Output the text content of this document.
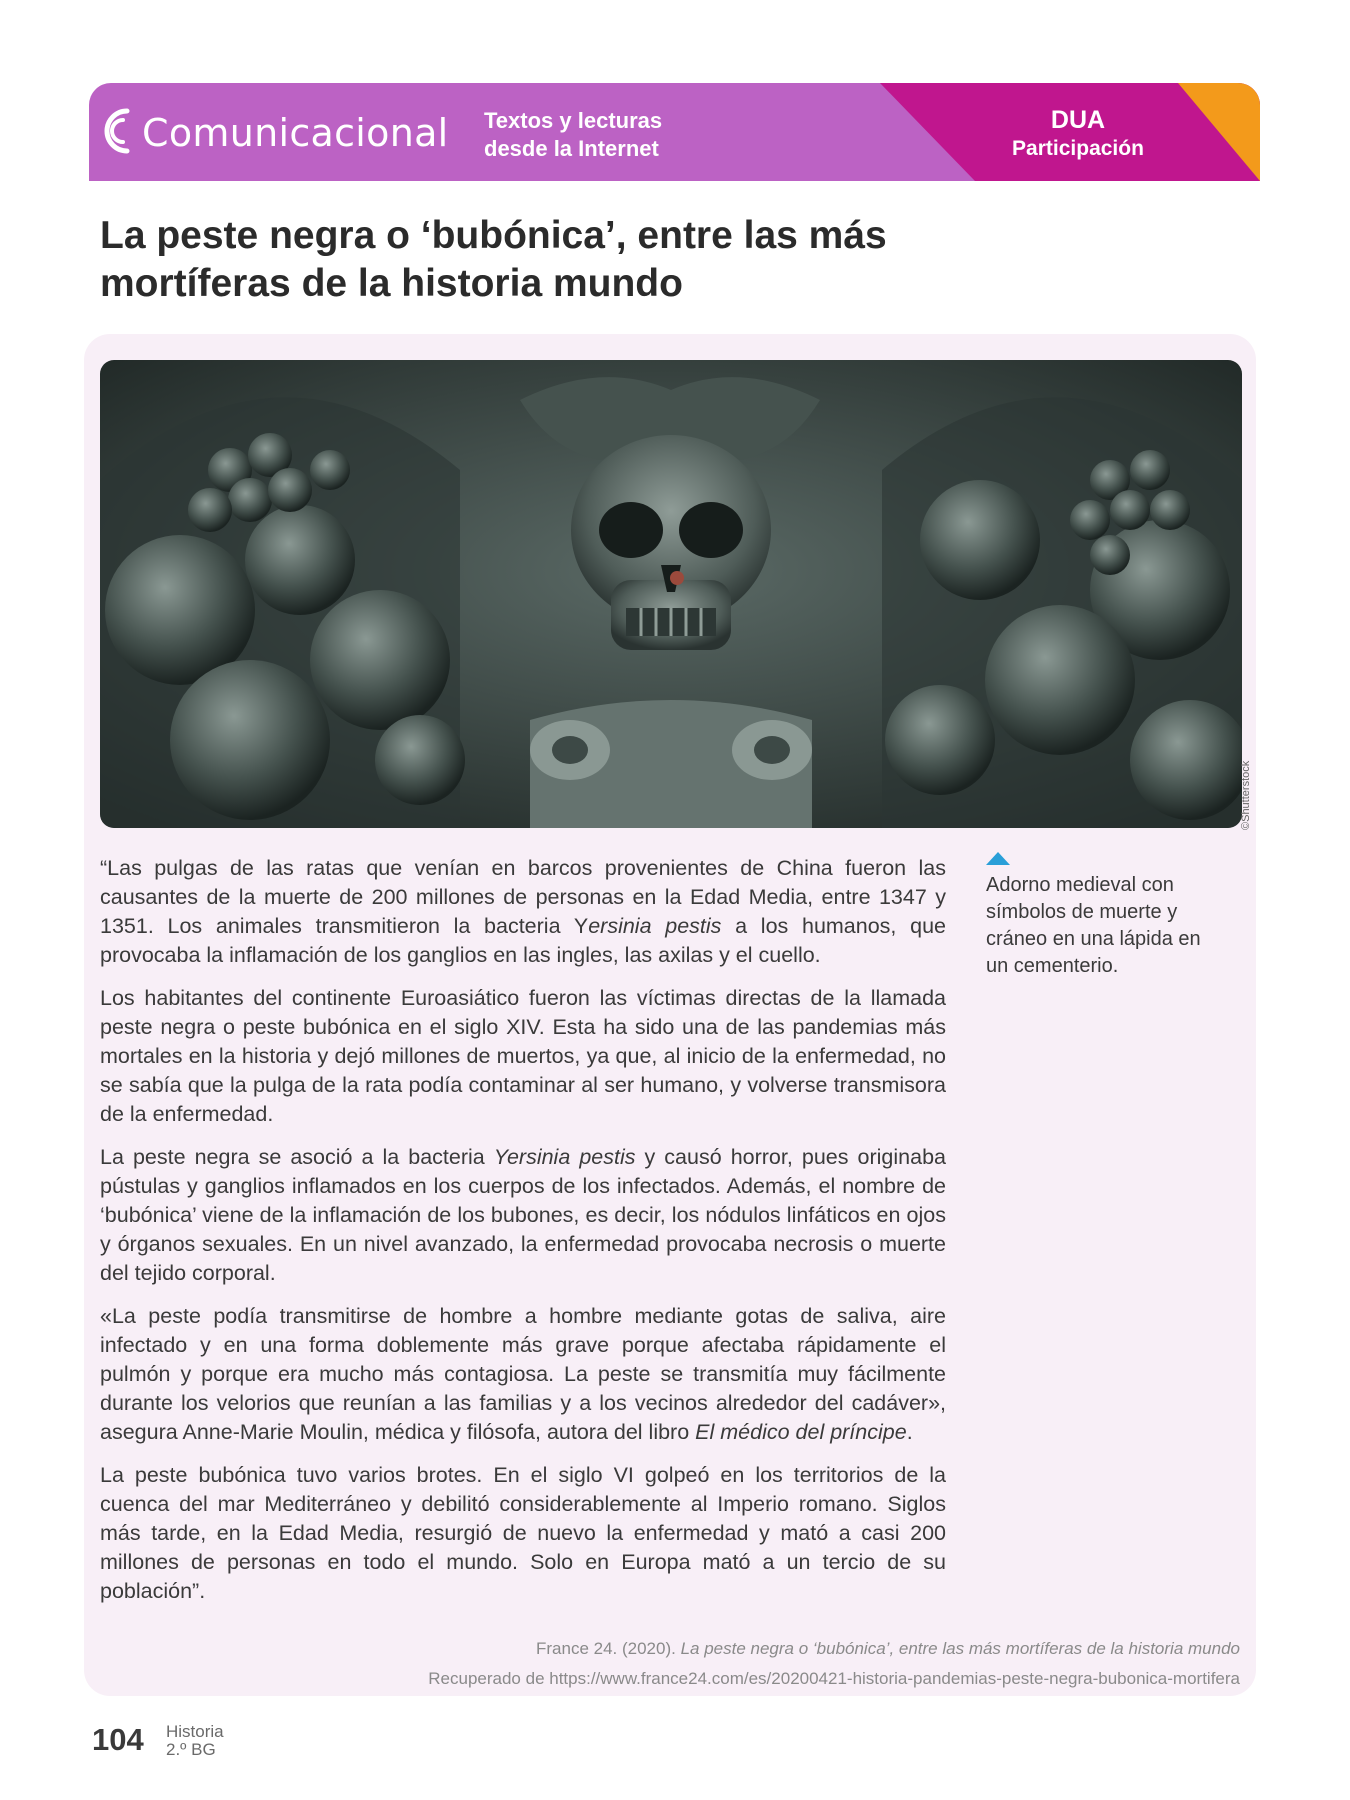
Comunicacional Textos y lecturas
desde la Internet
DUA
Participación
La peste negra o ‘bubónica’, entre las más mortíferas de la historia mundo
©Shutterstock

“Las pulgas de las ratas que venían en barcos provenientes de China fueron las causantes de la muerte de 200 millones de personas en la Edad Media, entre 1347 y 1351. Los animales transmitieron la bacteria Yersinia pestis a los humanos, que provocaba la inflamación de los ganglios en las ingles, las axilas y el cuello.

Los habitantes del continente Euroasiático fueron las víctimas directas de la llamada peste negra o peste bubónica en el siglo XIV. Esta ha sido una de las pandemias más mortales en la historia y dejó millones de muertos, ya que, al inicio de la enfermedad, no se sabía que la pulga de la rata podía contaminar al ser humano, y volverse transmisora de la enfermedad.

La peste negra se asoció a la bacteria Yersinia pestis y causó horror, pues originaba pústulas y ganglios inflamados en los cuerpos de los infectados. Además, el nombre de ‘bubónica’ viene de la inflamación de los bubones, es decir, los nódulos linfáticos en ojos y órganos sexuales. En un nivel avanzado, la enfermedad provocaba necrosis o muerte del tejido corporal.

«La peste podía transmitirse de hombre a hombre mediante gotas de saliva, aire infectado y en una forma doblemente más grave porque afectaba rápidamente el pulmón y porque era mucho más contagiosa. La peste se transmitía muy fácilmente durante los velorios que reunían a las familias y a los vecinos alrededor del cadáver», asegura Anne-Marie Moulin, médica y filósofa, autora del libro El médico del príncipe.

La peste bubónica tuvo varios brotes. En el siglo VI golpeó en los territorios de la cuenca del mar Mediterráneo y debilitó considerablemente al Imperio romano. Siglos más tarde, en la Edad Media, resurgió de nuevo la enfermedad y mató a casi 200 millones de personas en todo el mundo. Solo en Europa mató a un tercio de su población”.

Adorno medieval con símbolos de muerte y cráneo en una lápida en un cementerio.
France 24. (2020). La peste negra o ‘bubónica’, entre las más mortíferas de la historia mundo
Recuperado de https://www.france24.com/es/20200421-historia-pandemias-peste-negra-bubonica-mortifera
104 Historia
2.º BG
